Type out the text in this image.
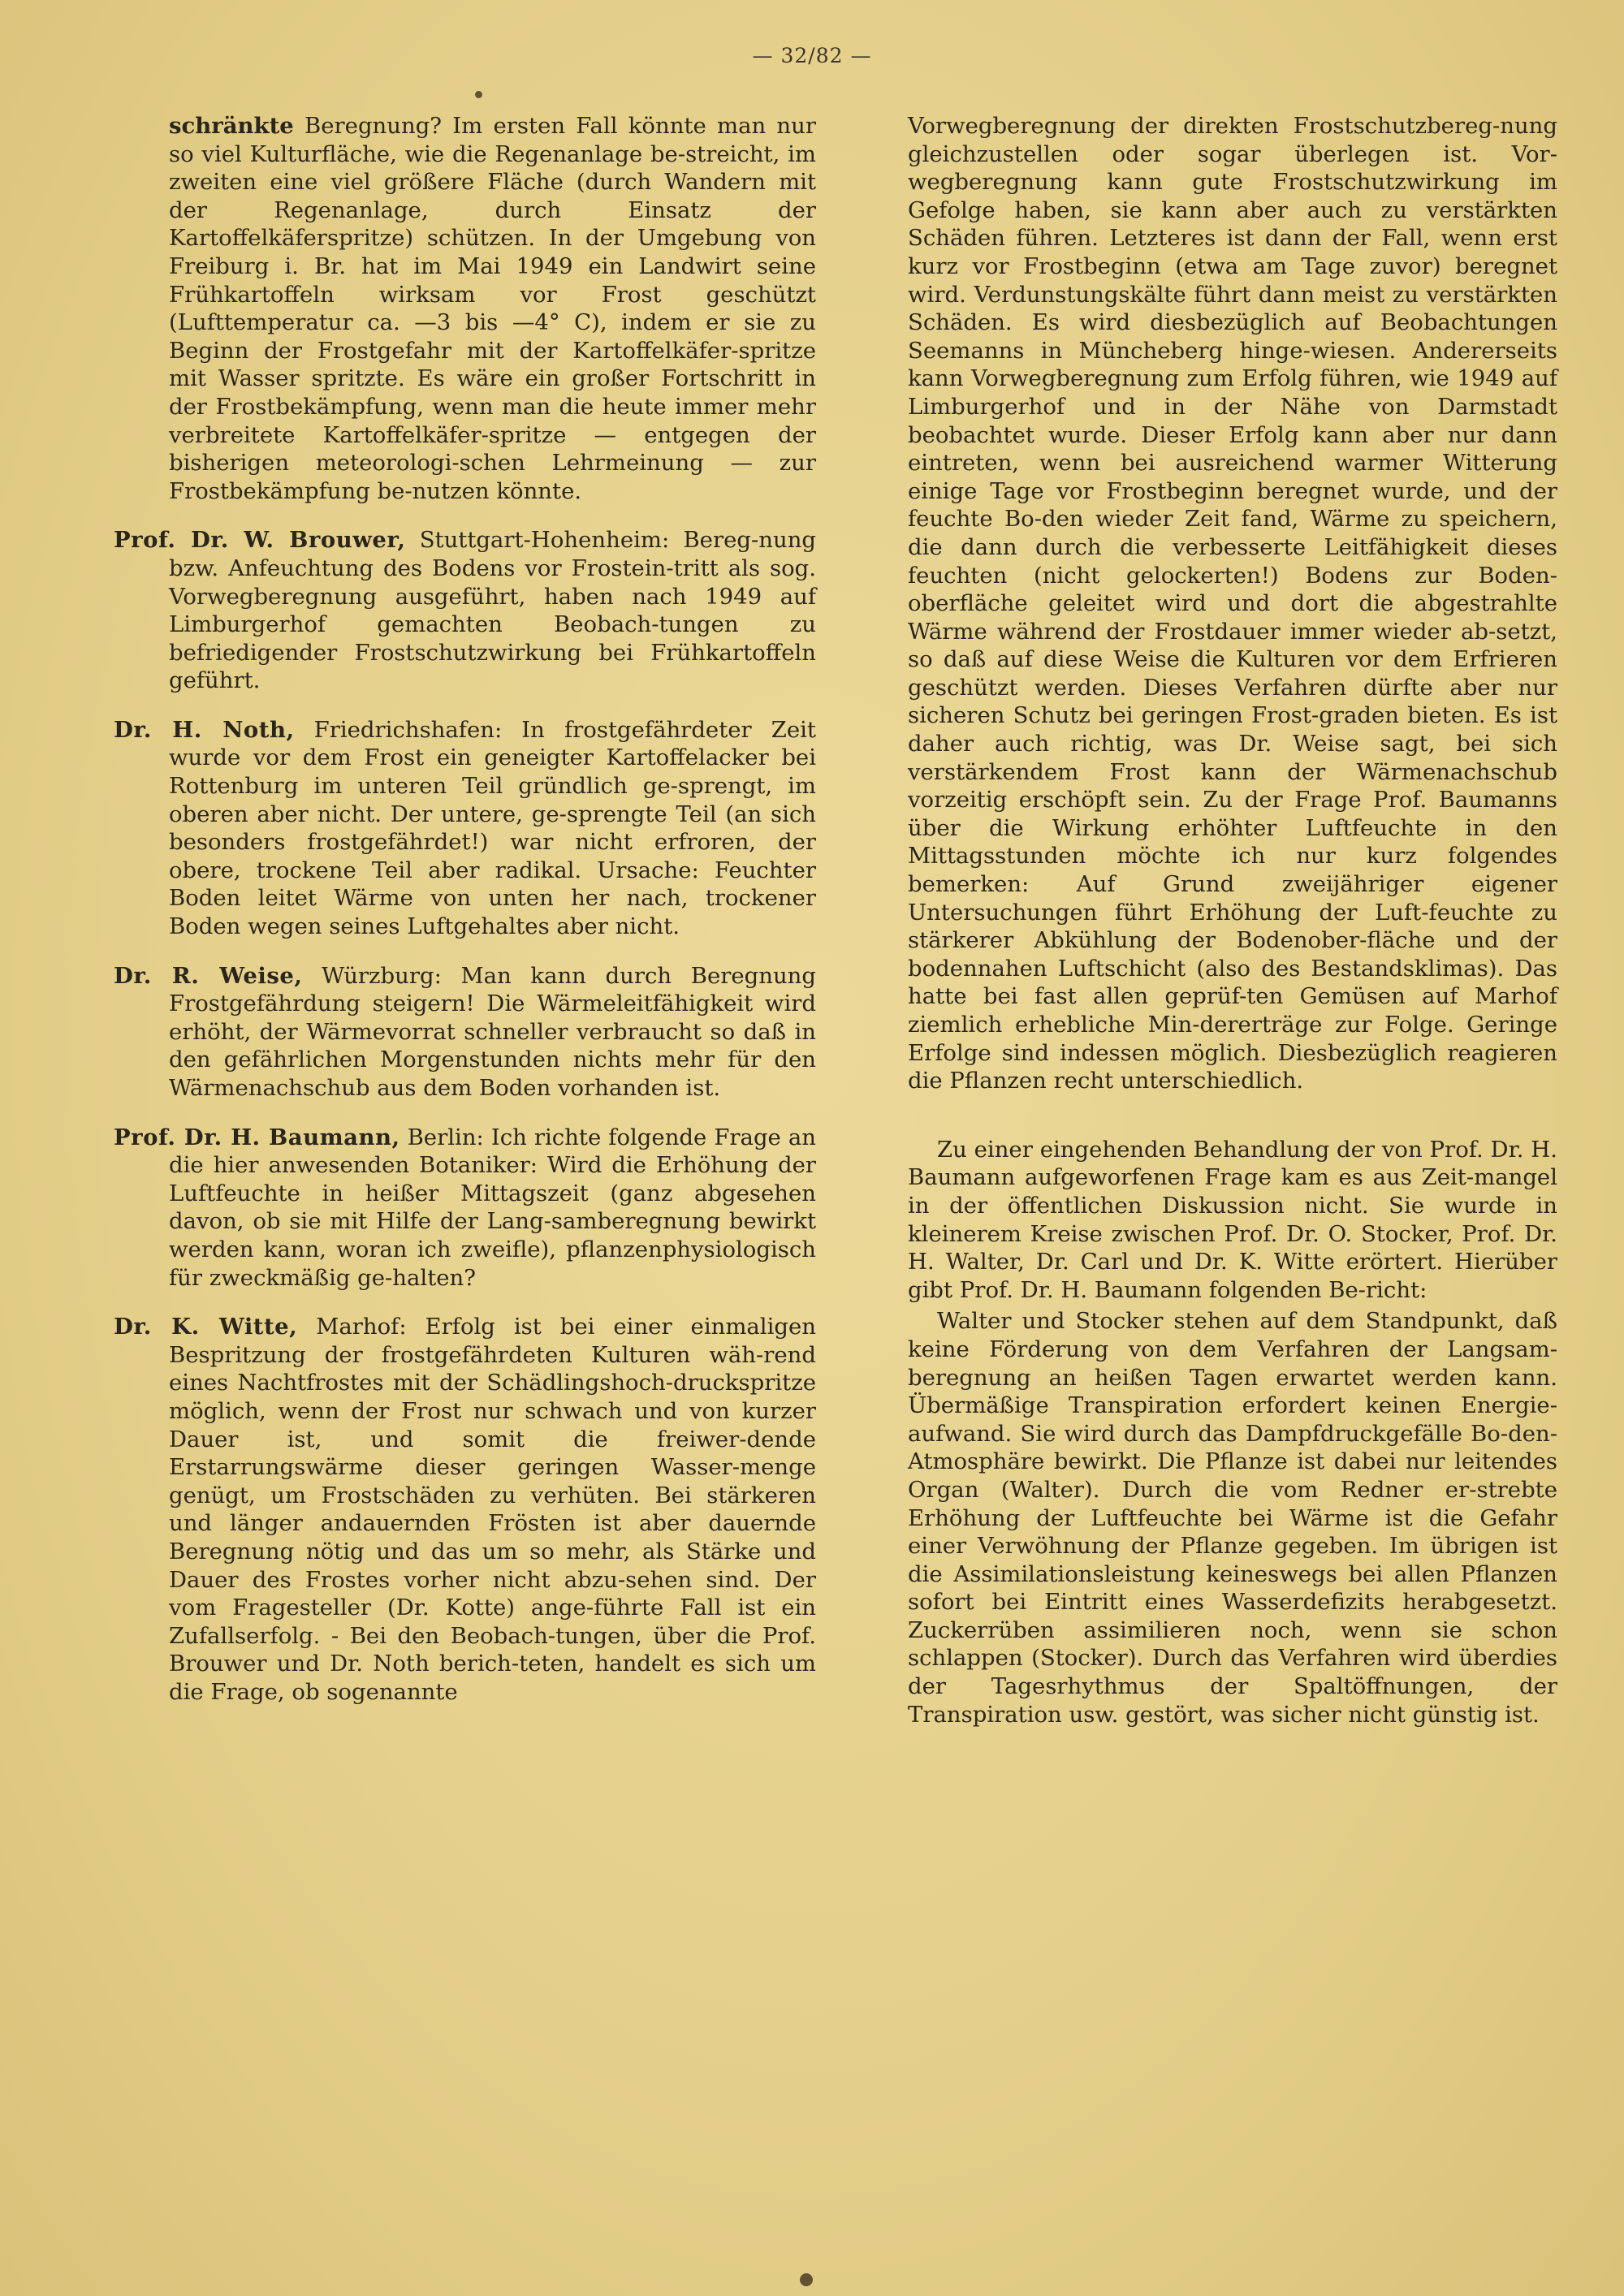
— 32/82 —

schränkte Beregnung? Im ersten Fall könnte man nur so viel Kulturfläche, wie die Regenanlage be-streicht, im zweiten eine viel größere Fläche (durch Wandern mit der Regenanlage, durch Einsatz der Kartoffelkäferspritze) schützen. In der Umgebung von Freiburg i. Br. hat im Mai 1949 ein Landwirt seine Frühkartoffeln wirksam vor Frost geschützt (Lufttemperatur ca. —3 bis —4° C), indem er sie zu Beginn der Frostgefahr mit der Kartoffelkäfer-spritze mit Wasser spritzte. Es wäre ein großer Fortschritt in der Frostbekämpfung, wenn man die heute immer mehr verbreitete Kartoffelkäfer-spritze — entgegen der bisherigen meteorologi-schen Lehrmeinung — zur Frostbekämpfung be-nutzen könnte.

Prof. Dr. W. Brouwer, Stuttgart-Hohenheim: Bereg-nung bzw. Anfeuchtung des Bodens vor Frostein-tritt als sog. Vorwegberegnung ausgeführt, haben nach 1949 auf Limburgerhof gemachten Beobach-tungen zu befriedigender Frostschutzwirkung bei Frühkartoffeln geführt.

Dr. H. Noth, Friedrichshafen: In frostgefährdeter Zeit wurde vor dem Frost ein geneigter Kartoffelacker bei Rottenburg im unteren Teil gründlich ge-sprengt, im oberen aber nicht. Der untere, ge-sprengte Teil (an sich besonders frostgefährdet!) war nicht erfroren, der obere, trockene Teil aber radikal. Ursache: Feuchter Boden leitet Wärme von unten her nach, trockener Boden wegen seines Luftgehaltes aber nicht.

Dr. R. Weise, Würzburg: Man kann durch Beregnung Frostgefährdung steigern! Die Wärmeleitfähigkeit wird erhöht, der Wärmevorrat schneller verbraucht so daß in den gefährlichen Morgenstunden nichts mehr für den Wärmenachschub aus dem Boden vorhanden ist.

Prof. Dr. H. Baumann, Berlin: Ich richte folgende Frage an die hier anwesenden Botaniker: Wird die Erhöhung der Luftfeuchte in heißer Mittagszeit (ganz abgesehen davon, ob sie mit Hilfe der Lang-samberegnung bewirkt werden kann, woran ich zweifle), pflanzenphysiologisch für zweckmäßig ge-halten?

Dr. K. Witte, Marhof: Erfolg ist bei einer einmaligen Bespritzung der frostgefährdeten Kulturen wäh-rend eines Nachtfrostes mit der Schädlingshoch-druckspritze möglich, wenn der Frost nur schwach und von kurzer Dauer ist, und somit die freiwer-dende Erstarrungswärme dieser geringen Wasser-menge genügt, um Frostschäden zu verhüten. Bei stärkeren und länger andauernden Frösten ist aber dauernde Beregnung nötig und das um so mehr, als Stärke und Dauer des Frostes vorher nicht abzu-sehen sind. Der vom Fragesteller (Dr. Kotte) ange-führte Fall ist ein Zufallserfolg. - Bei den Beobach-tungen, über die Prof. Brouwer und Dr. Noth berich-teten, handelt es sich um die Frage, ob sogenannte

Vorwegberegnung der direkten Frostschutzbereg-nung gleichzustellen oder sogar überlegen ist. Vor-wegberegnung kann gute Frostschutzwirkung im Gefolge haben, sie kann aber auch zu verstärkten Schäden führen. Letzteres ist dann der Fall, wenn erst kurz vor Frostbeginn (etwa am Tage zuvor) beregnet wird. Verdunstungskälte führt dann meist zu verstärkten Schäden. Es wird diesbezüglich auf Beobachtungen Seemanns in Müncheberg hinge-wiesen. Andererseits kann Vorwegberegnung zum Erfolg führen, wie 1949 auf Limburgerhof und in der Nähe von Darmstadt beobachtet wurde. Dieser Erfolg kann aber nur dann eintreten, wenn bei ausreichend warmer Witterung einige Tage vor Frostbeginn beregnet wurde, und der feuchte Bo-den wieder Zeit fand, Wärme zu speichern, die dann durch die verbesserte Leitfähigkeit dieses feuchten (nicht gelockerten!) Bodens zur Boden-oberfläche geleitet wird und dort die abgestrahlte Wärme während der Frostdauer immer wieder ab-setzt, so daß auf diese Weise die Kulturen vor dem Erfrieren geschützt werden. Dieses Verfahren dürfte aber nur sicheren Schutz bei geringen Frost-graden bieten. Es ist daher auch richtig, was Dr. Weise sagt, bei sich verstärkendem Frost kann der Wärmenachschub vorzeitig erschöpft sein. Zu der Frage Prof. Baumanns über die Wirkung erhöhter Luftfeuchte in den Mittagsstunden möchte ich nur kurz folgendes bemerken: Auf Grund zweijähriger eigener Untersuchungen führt Erhöhung der Luft-feuchte zu stärkerer Abkühlung der Bodenober-fläche und der bodennahen Luftschicht (also des Bestandsklimas). Das hatte bei fast allen geprüf-ten Gemüsen auf Marhof ziemlich erhebliche Min-dererträge zur Folge. Geringe Erfolge sind indessen möglich. Diesbezüglich reagieren die Pflanzen recht unterschiedlich.

Zu einer eingehenden Behandlung der von Prof. Dr. H. Baumann aufgeworfenen Frage kam es aus Zeit-mangel in der öffentlichen Diskussion nicht. Sie wurde in kleinerem Kreise zwischen Prof. Dr. O. Stocker, Prof. Dr. H. Walter, Dr. Carl und Dr. K. Witte erörtert. Hierüber gibt Prof. Dr. H. Baumann folgenden Be-richt:

Walter und Stocker stehen auf dem Standpunkt, daß keine Förderung von dem Verfahren der Langsam-beregnung an heißen Tagen erwartet werden kann. Übermäßige Transpiration erfordert keinen Energie-aufwand. Sie wird durch das Dampfdruckgefälle Bo-den-Atmosphäre bewirkt. Die Pflanze ist dabei nur leitendes Organ (Walter). Durch die vom Redner er-strebte Erhöhung der Luftfeuchte bei Wärme ist die Gefahr einer Verwöhnung der Pflanze gegeben. Im übrigen ist die Assimilationsleistung keineswegs bei allen Pflanzen sofort bei Eintritt eines Wasserdefizits herabgesetzt. Zuckerrüben assimilieren noch, wenn sie schon schlappen (Stocker). Durch das Verfahren wird überdies der Tagesrhythmus der Spaltöffnungen, der Transpiration usw. gestört, was sicher nicht günstig ist.
